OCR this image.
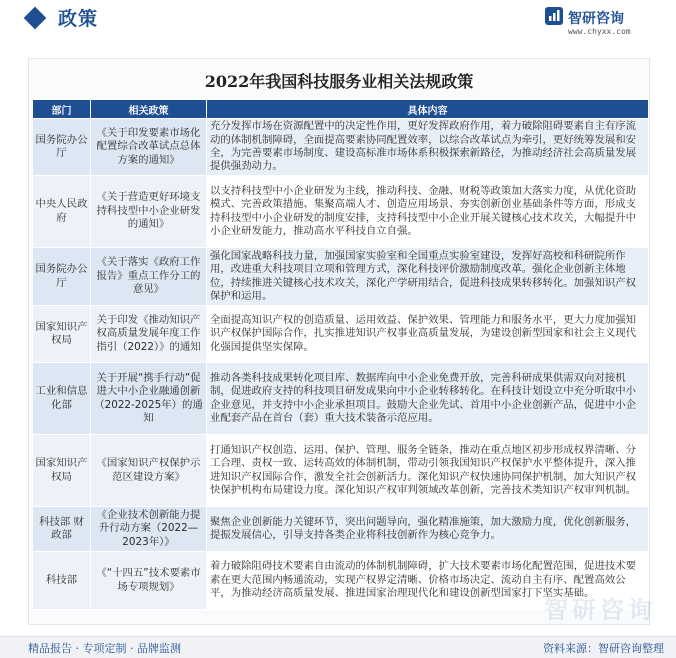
政策	智研咨询
www.chyxx.com
2022年我国科技服务业相关法规政策
部门	相关政策	具体内容
国务院办公厅	《关于印发要素市场化配置综合改革试点总体方案的通知》	充分发挥市场在资源配置中的决定性作用，更好发挥政府作用，着力破除阻碍要素自主有序流动的体制机制障碍，全面提高要素协同配置效率，以综合改革试点为牵引，更好统筹发展和安全，为完善要素市场制度、建设高标准市场体系积极探索新路径，为推动经济社会高质量发展提供强劲动力。
中央人民政府	《关于营造更好环境支持科技型中小企业研发的通知》	以支持科技型中小企业研发为主线，推动科技、金融、财税等政策加大落实力度，从优化资助模式、完善政策措施、集聚高端人才、创造应用场景、夯实创新创业基础条件等方面，形成支持科技型中小企业研发的制度安排，支持科技型中小企业开展关键核心技术攻关，大幅提升中小企业研发能力，推动高水平科技自立自强。
国务院办公厅	《关于落实《政府工作报告》重点工作分工的意见》	强化国家战略科技力量，加强国家实验室和全国重点实验室建设，发挥好高校和科研院所作用，改进重大科技项目立项和管理方式，深化科技评价激励制度改革。强化企业创新主体地位，持续推进关键核心技术攻关，深化产学研用结合，促进科技成果转移转化。加强知识产权保护和运用。
国家知识产权局	关于印发《推动知识产权高质量发展年度工作指引（2022）》的通知	全面提高知识产权的创造质量、运用效益、保护效果、管理能力和服务水平，更大力度加强知识产权保护国际合作，扎实推进知识产权事业高质量发展，为建设创新型国家和社会主义现代化强国提供坚实保障。
工业和信息化部	关于开展“携手行动”促进大中小企业融通创新（2022-2025年）的通知	推动各类科技成果转化项目库、数据库向中小企业免费开放，完善科研成果供需双向对接机制，促进政府支持的科技项目研发成果向中小企业转移转化。在科技计划设立中充分听取中小企业意见，并支持中小企业承担项目。鼓励大企业先试、首用中小企业创新产品，促进中小企业配套产品在首台（套）重大技术装备示范应用。
国家知识产权局	《国家知识产权保护示范区建设方案》	打通知识产权创造、运用、保护、管理、服务全链条，推动在重点地区初步形成权界清晰、分工合理、责权一致、运转高效的体制机制，带动引领我国知识产权保护水平整体提升，深入推进知识产权国际合作，激发全社会创新活力。深化知识产权快速协同保护机制，加大知识产权快保护机构布局建设力度。深化知识产权审判领域改革创新，完善技术类知识产权审判机制。
科技部 财政部	《企业技术创新能力提升行动方案（2022—2023年）》	聚焦企业创新能力关键环节，突出问题导向，强化精准施策，加大激励力度，优化创新服务，提振发展信心，引导支持各类企业将科技创新作为核心竞争力。
科技部	《“十四五”技术要素市场专项规划》	着力破除阻碍技术要素自由流动的体制机制障碍，扩大技术要素市场化配置范围，促进技术要素在更大范围内畅通流动，实现产权界定清晰、价格市场决定、流动自主有序、配置高效公平，为推动经济高质量发展、推进国家治理现代化和建设创新型国家打下坚实基础。
智研咨询
精品报告 · 专项定制 · 品牌监测	资料来源：智研咨询整理
